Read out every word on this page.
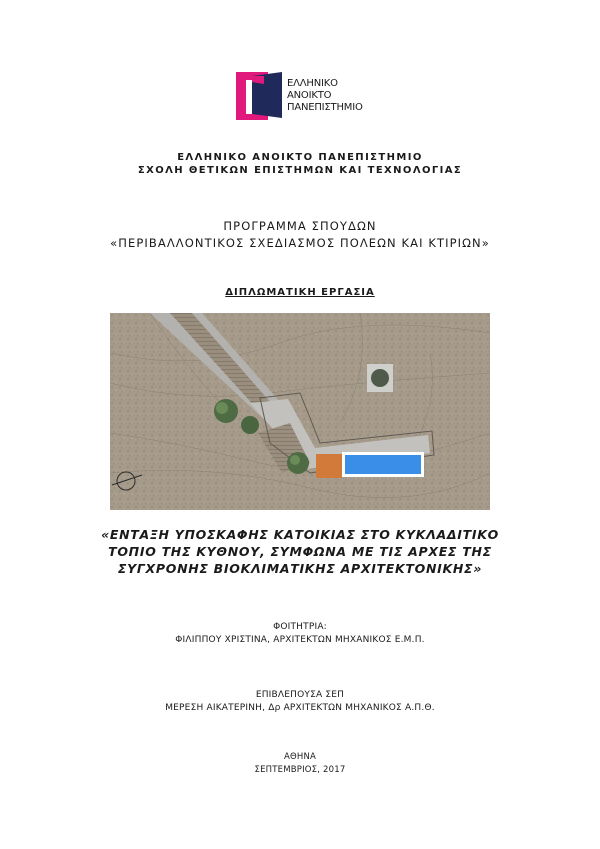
ΕΛΛΗΝΙΚΟ
ΑΝΟΙΚΤΟ
ΠΑΝΕΠΙΣΤΗΜΙΟ
ΕΛΛΗΝΙΚΟ ΑΝΟΙΚΤΟ ΠΑΝΕΠΙΣΤΗΜΙΟ
ΣΧΟΛΗ ΘΕΤΙΚΩΝ ΕΠΙΣΤΗΜΩΝ ΚΑΙ ΤΕΧΝΟΛΟΓΙΑΣ
ΠΡΟΓΡΑΜΜΑ ΣΠΟΥΔΩΝ
«ΠΕΡΙΒΑΛΛΟΝΤΙΚΟΣ ΣΧΕΔΙΑΣΜΟΣ ΠΟΛΕΩΝ ΚΑΙ ΚΤΙΡΙΩΝ»
ΔΙΠΛΩΜΑΤΙΚΗ ΕΡΓΑΣΙΑ
«ΕΝΤΑΞΗ ΥΠΟΣΚΑΦΗΣ ΚΑΤΟΙΚΙΑΣ ΣΤΟ ΚΥΚΛΑΔΙΤΙΚΟ
ΤΟΠΙΟ ΤΗΣ ΚΥΘΝΟΥ, ΣΥΜΦΩΝΑ ΜΕ ΤΙΣ ΑΡΧΕΣ ΤΗΣ
ΣΥΓΧΡΟΝΗΣ ΒΙΟΚΛΙΜΑΤΙΚΗΣ ΑΡΧΙΤΕΚΤΟΝΙΚΗΣ»
ΦΟΙΤΗΤΡΙΑ:
ΦΙΛΙΠΠΟΥ ΧΡΙΣΤΙΝΑ, ΑΡΧΙΤΕΚΤΩΝ ΜΗΧΑΝΙΚΟΣ Ε.Μ.Π.
ΕΠΙΒΛΕΠΟΥΣΑ ΣΕΠ
ΜΕΡΕΣΗ ΑΙΚΑΤΕΡΙΝΗ, Δρ ΑΡΧΙΤΕΚΤΩΝ ΜΗΧΑΝΙΚΟΣ Α.Π.Θ.
ΑΘΗΝΑ
ΣΕΠΤΕΜΒΡΙΟΣ, 2017
